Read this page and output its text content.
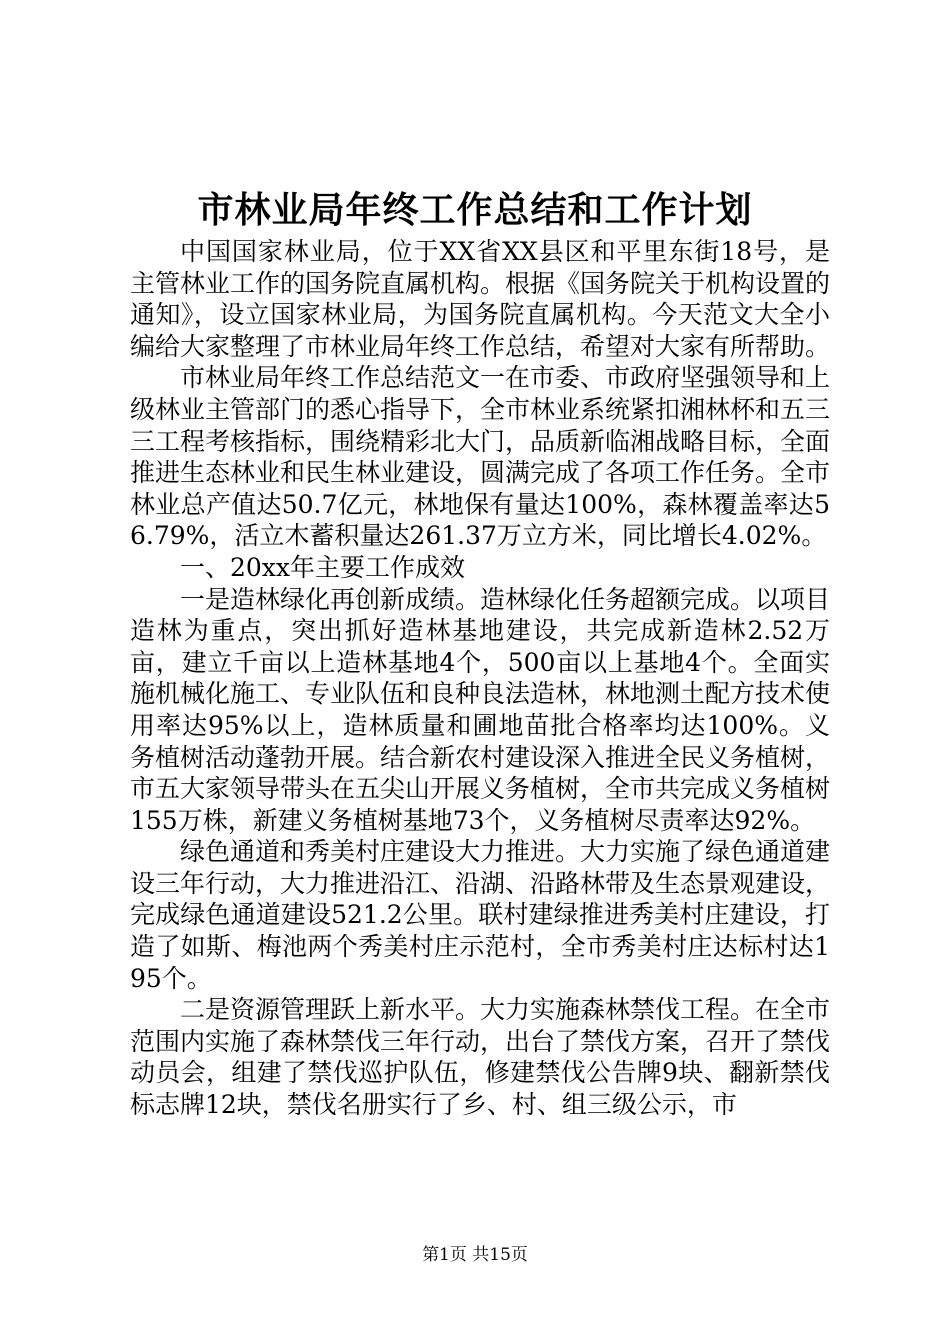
市林业局年终工作总结和工作计划

中国国家林业局，位于XX省XX县区和平里东街18号，是主管林业工作的国务院直属机构。根据《国务院关于机构设置的通知》，设立国家林业局，为国务院直属机构。今天范文大全小编给大家整理了市林业局年终工作总结，希望对大家有所帮助。

市林业局年终工作总结范文一在市委、市政府坚强领导和上级林业主管部门的悉心指导下，全市林业系统紧扣湘林杯和五三三工程考核指标，围绕精彩北大门，品质新临湘战略目标，全面推进生态林业和民生林业建设，圆满完成了各项工作任务。全市林业总产值达50.7亿元，林地保有量达100%，森林覆盖率达56.79%，活立木蓄积量达261.37万立方米，同比增长4.02%。

一、20xx年主要工作成效

一是造林绿化再创新成绩。造林绿化任务超额完成。以项目造林为重点，突出抓好造林基地建设，共完成新造林2.52万亩，建立千亩以上造林基地4个，500亩以上基地4个。全面实施机械化施工、专业队伍和良种良法造林，林地测土配方技术使用率达95%以上，造林质量和圃地苗批合格率均达100%。义务植树活动蓬勃开展。结合新农村建设深入推进全民义务植树，市五大家领导带头在五尖山开展义务植树，全市共完成义务植树155万株，新建义务植树基地73个，义务植树尽责率达92%。

绿色通道和秀美村庄建设大力推进。大力实施了绿色通道建设三年行动，大力推进沿江、沿湖、沿路林带及生态景观建设，完成绿色通道建设521.2公里。联村建绿推进秀美村庄建设，打造了如斯、梅池两个秀美村庄示范村，全市秀美村庄达标村达195个。

二是资源管理跃上新水平。大力实施森林禁伐工程。在全市范围内实施了森林禁伐三年行动，出台了禁伐方案，召开了禁伐动员会，组建了禁伐巡护队伍，修建禁伐公告牌9块、翻新禁伐标志牌12块，禁伐名册实行了乡、村、组三级公示，市

第1页 共15页
